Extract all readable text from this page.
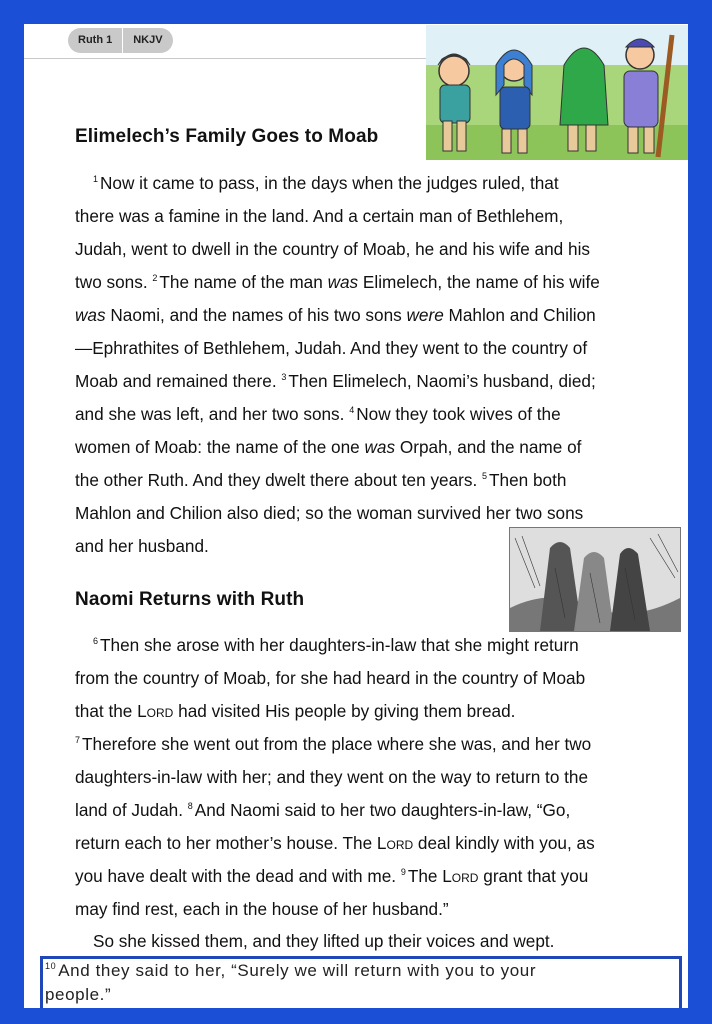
Ruth 1	NKJV
Elimelech’s Family Goes to Moab
$^1$ Now it came to pass, in the days when the judges ruled, that
there was a famine in the land. And a certain man of Bethlehem,
Judah, went to dwell in the country of Moab, he and his wife and his
two sons. $^2$ The name of the man was Elimelech, the name of his wife
was Naomi, and the names of his two sons were Mahlon and Chilion
—Ephrathites of Bethlehem, Judah. And they went to the country of
Moab and remained there. $^3$ Then Elimelech, Naomi’s husband, died;
and she was left, and her two sons. $^4$ Now they took wives of the
women of Moab: the name of the one was Orpah, and the name of
the other Ruth. And they dwelt there about ten years. $^5$ Then both
Mahlon and Chilion also died; so the woman survived her two sons
and her husband.
Naomi Returns with Ruth
$^6$ Then she arose with her daughters-in-law that she might return
from the country of Moab, for she had heard in the country of Moab
that the Lord had visited His people by giving them bread.
$^7$ Therefore she went out from the place where she was, and her two
daughters-in-law with her; and they went on the way to return to the
land of Judah. $^8$ And Naomi said to her two daughters-in-law, “Go,
return each to her mother’s house. The Lord deal kindly with you, as
you have dealt with the dead and with me. $^9$ The Lord grant that you
may find rest, each in the house of her husband.”
So she kissed them, and they lifted up their voices and wept.
$^{10}$ And they said to her, “Surely we will return with you to your
people.”
